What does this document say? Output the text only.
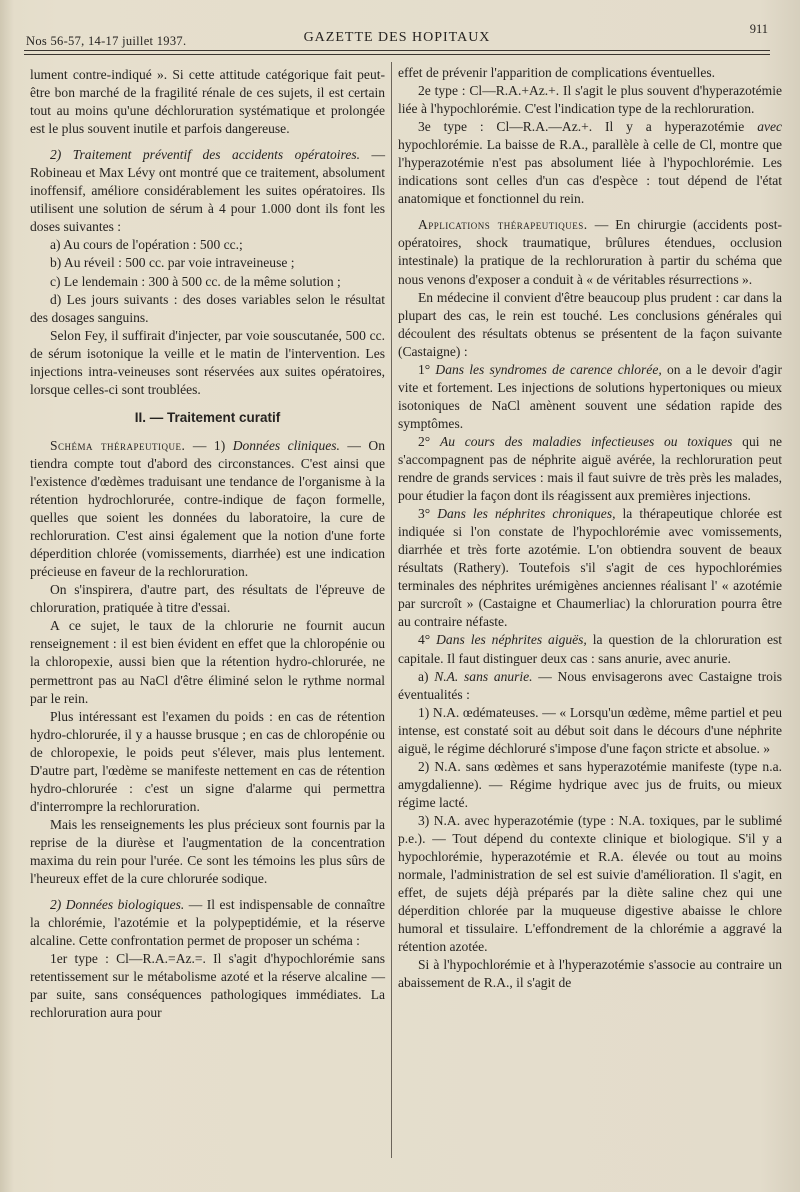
Nos 56-57, 14-17 juillet 1937.	GAZETTE DES HOPITAUX
911

lument contre-indiqué ». Si cette attitude catégorique fait peut-être bon marché de la fragilité rénale de ces sujets, il est certain tout au moins qu'une déchloruration systématique et prolongée est le plus souvent inutile et parfois dangereuse.

2) Traitement préventif des accidents opératoires. — Robineau et Max Lévy ont montré que ce traitement, absolument inoffensif, améliore considérablement les suites opératoires. Ils utilisent une solution de sérum à 4 pour 1.000 dont ils font les doses suivantes :

a) Au cours de l'opération : 500 cc.;

b) Au réveil : 500 cc. par voie intraveineuse ;

c) Le lendemain : 300 à 500 cc. de la même solution ;

d) Les jours suivants : des doses variables selon le résultat des dosages sanguins.

Selon Fey, il suffirait d'injecter, par voie souscutanée, 500 cc. de sérum isotonique la veille et le matin de l'intervention. Les injections intra-veineuses sont réservées aux suites opératoires, lorsque celles-ci sont troublées.

II. — Traitement curatif

Schéma thérapeutique. — 1) Données cliniques. — On tiendra compte tout d'abord des circonstances. C'est ainsi que l'existence d'œdèmes traduisant une tendance de l'organisme à la rétention hydrochlorurée, contre-indique de façon formelle, quelles que soient les données du laboratoire, la cure de rechloruration. C'est ainsi également que la notion d'une forte déperdition chlorée (vomissements, diarrhée) est une indication précieuse en faveur de la rechloruration.

On s'inspirera, d'autre part, des résultats de l'épreuve de chloruration, pratiquée à titre d'essai.

A ce sujet, le taux de la chlorurie ne fournit aucun renseignement : il est bien évident en effet que la chloropénie ou la chloropexie, aussi bien que la rétention hydro-chlorurée, ne permettront pas au NaCl d'être éliminé selon le rythme normal par le rein.

Plus intéressant est l'examen du poids : en cas de rétention hydro-chlorurée, il y a hausse brusque ; en cas de chloropénie ou de chloropexie, le poids peut s'élever, mais plus lentement. D'autre part, l'œdème se manifeste nettement en cas de rétention hydro-chlorurée : c'est un signe d'alarme qui permettra d'interrompre la rechloruration.

Mais les renseignements les plus précieux sont fournis par la reprise de la diurèse et l'augmentation de la concentration maxima du rein pour l'urée. Ce sont les témoins les plus sûrs de l'heureux effet de la cure chlorurée sodique.

2) Données biologiques. — Il est indispensable de connaître la chlorémie, l'azotémie et la polypeptidémie, et la réserve alcaline. Cette confrontation permet de proposer un schéma :

1er type : Cl—R.A.=Az.=. Il s'agit d'hypochlorémie sans retentissement sur le métabolisme azoté et la réserve alcaline — par suite, sans conséquences pathologiques immédiates. La rechloruration aura pour

effet de prévenir l'apparition de complications éventuelles.

2e type : Cl—R.A.+Az.+. Il s'agit le plus souvent d'hyperazotémie liée à l'hypochlorémie. C'est l'indication type de la rechloruration.

3e type : Cl—R.A.—Az.+. Il y a hyperazotémie avec hypochlorémie. La baisse de R.A., parallèle à celle de Cl, montre que l'hyperazotémie n'est pas absolument liée à l'hypochlorémie. Les indications sont celles d'un cas d'espèce : tout dépend de l'état anatomique et fonctionnel du rein.

Applications thérapeutiques. — En chirurgie (accidents post-opératoires, shock traumatique, brûlures étendues, occlusion intestinale) la pratique de la rechloruration à partir du schéma que nous venons d'exposer a conduit à « de véritables résurrections ».

En médecine il convient d'être beaucoup plus prudent : car dans la plupart des cas, le rein est touché. Les conclusions générales qui découlent des résultats obtenus se présentent de la façon suivante (Castaigne) :

1° Dans les syndromes de carence chlorée, on a le devoir d'agir vite et fortement. Les injections de solutions hypertoniques ou mieux isotoniques de NaCl amènent souvent une sédation rapide des symptômes.

2° Au cours des maladies infectieuses ou toxiques qui ne s'accompagnent pas de néphrite aiguë avérée, la rechloruration peut rendre de grands services : mais il faut suivre de très près les malades, pour étudier la façon dont ils réagissent aux premières injections.

3° Dans les néphrites chroniques, la thérapeutique chlorée est indiquée si l'on constate de l'hypochlorémie avec vomissements, diarrhée et très forte azotémie. L'on obtiendra souvent de beaux résultats (Rathery). Toutefois s'il s'agit de ces hypochlorémies terminales des néphrites urémigènes anciennes réalisant l' « azotémie par surcroît » (Castaigne et Chaumerliac) la chloruration pourra être au contraire néfaste.

4° Dans les néphrites aiguës, la question de la chloruration est capitale. Il faut distinguer deux cas : sans anurie, avec anurie.

a) N.A. sans anurie. — Nous envisagerons avec Castaigne trois éventualités :

1) N.A. œdémateuses. — « Lorsqu'un œdème, même partiel et peu intense, est constaté soit au début soit dans le décours d'une néphrite aiguë, le régime déchloruré s'impose d'une façon stricte et absolue. »

2) N.A. sans œdèmes et sans hyperazotémie manifeste (type n.a. amygdalienne). — Régime hydrique avec jus de fruits, ou mieux régime lacté.

3) N.A. avec hyperazotémie (type : N.A. toxiques, par le sublimé p.e.). — Tout dépend du contexte clinique et biologique. S'il y a hypochlorémie, hyperazotémie et R.A. élevée ou tout au moins normale, l'administration de sel est suivie d'amélioration. Il s'agit, en effet, de sujets déjà préparés par la diète saline chez qui une déperdition chlorée par la muqueuse digestive abaisse le chlore humoral et tissulaire. L'effondrement de la chlorémie a aggravé la rétention azotée.

Si à l'hypochlorémie et à l'hyperazotémie s'associe au contraire un abaissement de R.A., il s'agit de
